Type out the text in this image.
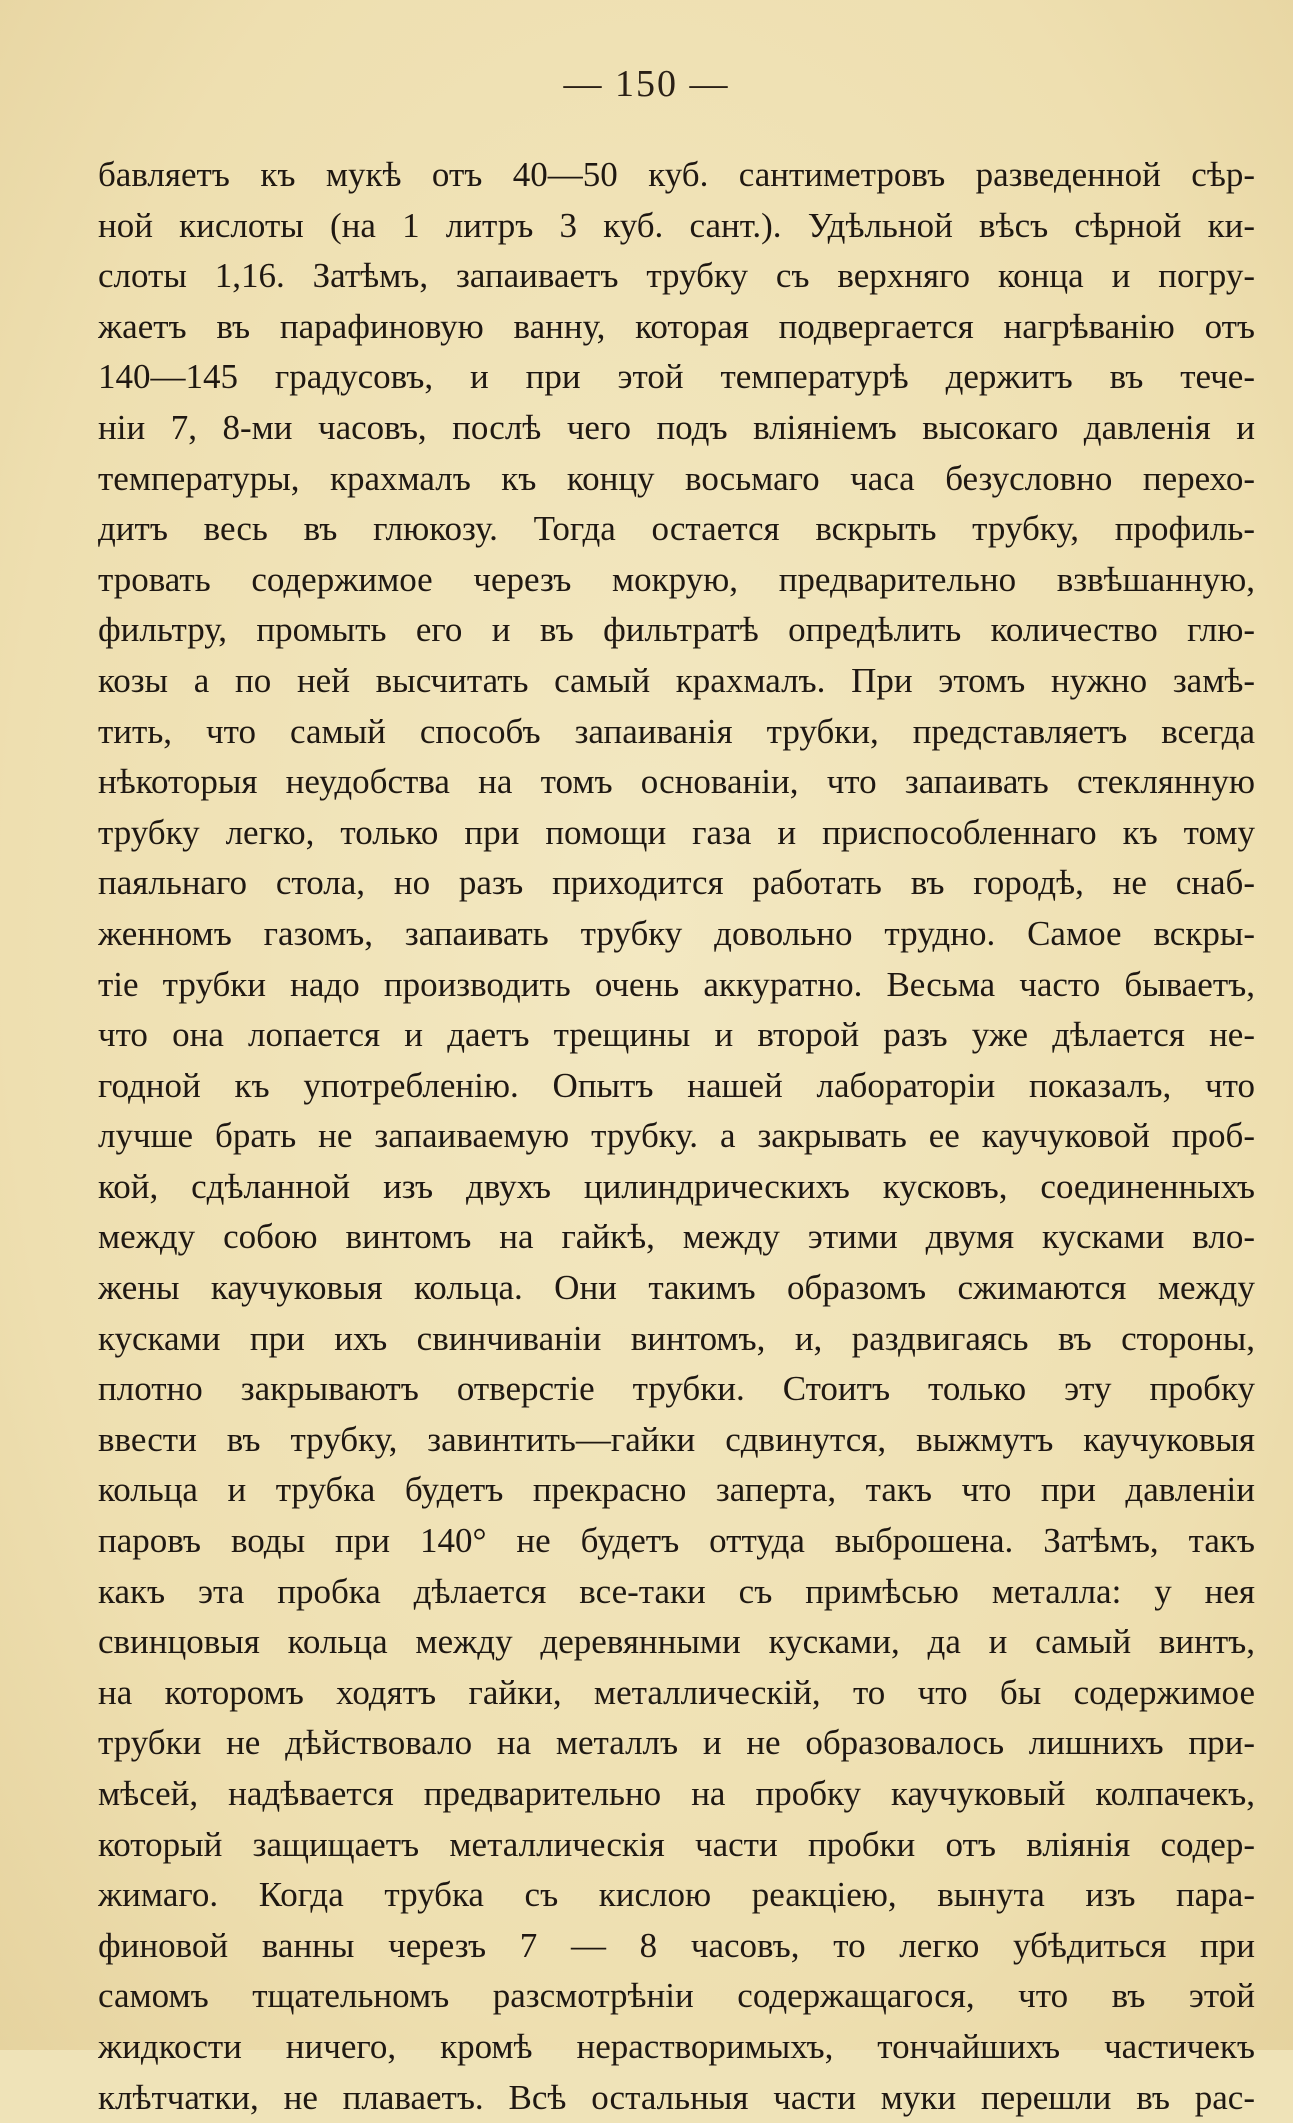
— 150 —
бавляетъ къ мукѣ отъ 40—50 куб. сантиметровъ разведенной сѣр-
ной кислоты (на 1 литръ 3 куб. сант.). Удѣльной вѣсъ сѣрной ки-
слоты 1,16. Затѣмъ, запаиваетъ трубку съ верхняго конца и погру-
жаетъ въ парафиновую ванну, которая подвергается нагрѣванію отъ
140—145 градусовъ, и при этой температурѣ держитъ въ тече-
ніи 7, 8-ми часовъ, послѣ чего подъ вліяніемъ высокаго давленія и
температуры, крахмалъ къ концу восьмаго часа безусловно перехо-
дитъ весь въ глюкозу. Тогда остается вскрыть трубку, профиль-
тровать содержимое черезъ мокрую, предварительно взвѣшанную,
фильтру, промыть его и въ фильтратѣ опредѣлить количество глю-
козы а по ней высчитать самый крахмалъ. При этомъ нужно замѣ-
тить, что самый способъ запаиванія трубки, представляетъ всегда
нѣкоторыя неудобства на томъ основаніи, что запаивать стеклянную
трубку легко, только при помощи газа и приспособленнаго къ тому
паяльнаго стола, но разъ приходится работать въ городѣ, не снаб-
женномъ газомъ, запаивать трубку довольно трудно. Самое вскры-
тіе трубки надо производить очень аккуратно. Весьма часто бываетъ,
что она лопается и даетъ трещины и второй разъ уже дѣлается не-
годной къ употребленію. Опытъ нашей лабораторіи показалъ, что
лучше брать не запаиваемую трубку. а закрывать ее каучуковой проб-
кой, сдѣланной изъ двухъ цилиндрическихъ кусковъ, соединенныхъ
между собою винтомъ на гайкѣ, между этими двумя кусками вло-
жены каучуковыя кольца. Они такимъ образомъ сжимаются между
кусками при ихъ свинчиваніи винтомъ, и, раздвигаясь въ стороны,
плотно закрываютъ отверстіе трубки. Стоитъ только эту пробку
ввести въ трубку, завинтить—гайки сдвинутся, выжмутъ каучуковыя
кольца и трубка будетъ прекрасно заперта, такъ что при давленіи
паровъ воды при 140° не будетъ оттуда выброшена. Затѣмъ, такъ
какъ эта пробка дѣлается все-таки съ примѣсью металла: у нея
свинцовыя кольца между деревянными кусками, да и самый винтъ,
на которомъ ходятъ гайки, металлическій, то что бы содержимое
трубки не дѣйствовало на металлъ и не образовалось лишнихъ при-
мѣсей, надѣвается предварительно на пробку каучуковый колпачекъ,
который защищаетъ металлическія части пробки отъ вліянія содер-
жимаго. Когда трубка съ кислою реакціею, вынута изъ пара-
финовой ванны черезъ 7 — 8 часовъ, то легко убѣдиться при
самомъ тщательномъ разсмотрѣніи содержащагося, что въ этой
жидкости ничего, кромѣ нерастворимыхъ, тончайшихъ частичекъ
клѣтчатки, не плаваетъ. Всѣ остальныя части муки перешли въ рас-
